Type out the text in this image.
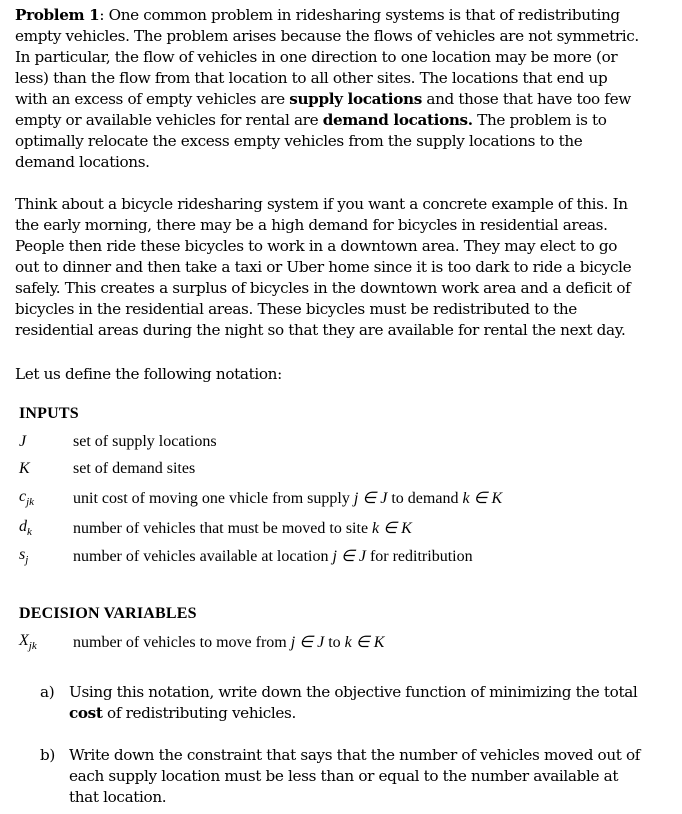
Problem 1: One common problem in ridesharing systems is that of redistributing
empty vehicles. The problem arises because the flows of vehicles are not symmetric.
In particular, the flow of vehicles in one direction to one location may be more (or
less) than the flow from that location to all other sites. The locations that end up
with an excess of empty vehicles are supply locations and those that have too few
empty or available vehicles for rental are demand locations. The problem is to
optimally relocate the excess empty vehicles from the supply locations to the
demand locations.
Think about a bicycle ridesharing system if you want a concrete example of this. In
the early morning, there may be a high demand for bicycles in residential areas.
People then ride these bicycles to work in a downtown area. They may elect to go
out to dinner and then take a taxi or Uber home since it is too dark to ride a bicycle
safely. This creates a surplus of bicycles in the downtown work area and a deficit of
bicycles in the residential areas. These bicycles must be redistributed to the
residential areas during the night so that they are available for rental the next day.
Let us define the following notation:
INPUTS
J	set of supply locations
K	set of demand sites
$c_{jk}$ unit cost of moving one vhicle from supply j ∈ J to demand k ∈ K
$d_k$	number of vehicles that must be moved to site k ∈ K
$s_j$	number of vehicles available at location j ∈ J for reditribution
DECISION VARIABLES
$X_{jk}$ number of vehicles to move from j ∈ J to k ∈ K
a) Using this notation, write down the objective function of minimizing the total
cost of redistributing vehicles.
b) Write down the constraint that says that the number of vehicles moved out of
each supply location must be less than or equal to the number available at
that location.
